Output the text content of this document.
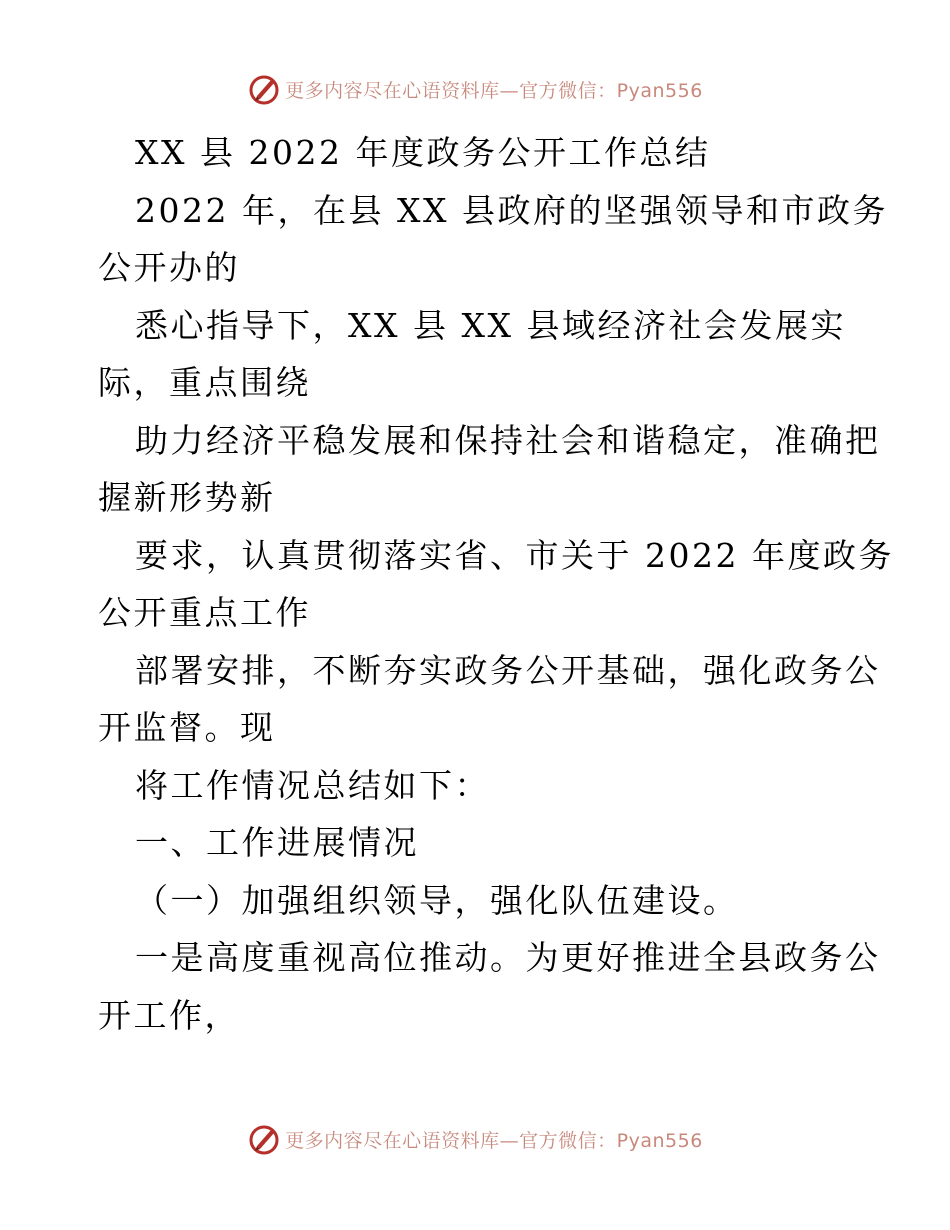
更多内容尽在心语资料库—官方微信：Pyan556
XX 县 2022 年度政务公开工作总结
2022 年，在县 XX 县政府的坚强领导和市政务
公开办的
悉心指导下，XX 县 XX 县域经济社会发展实
际，重点围绕
助力经济平稳发展和保持社会和谐稳定，准确把
握新形势新
要求，认真贯彻落实省、市关于 2022 年度政务
公开重点工作
部署安排，不断夯实政务公开基础，强化政务公
开监督。现
将工作情况总结如下：
一、工作进展情况
（一）加强组织领导，强化队伍建设。
一是高度重视高位推动。为更好推进全县政务公
开工作，
更多内容尽在心语资料库—官方微信：Pyan556
